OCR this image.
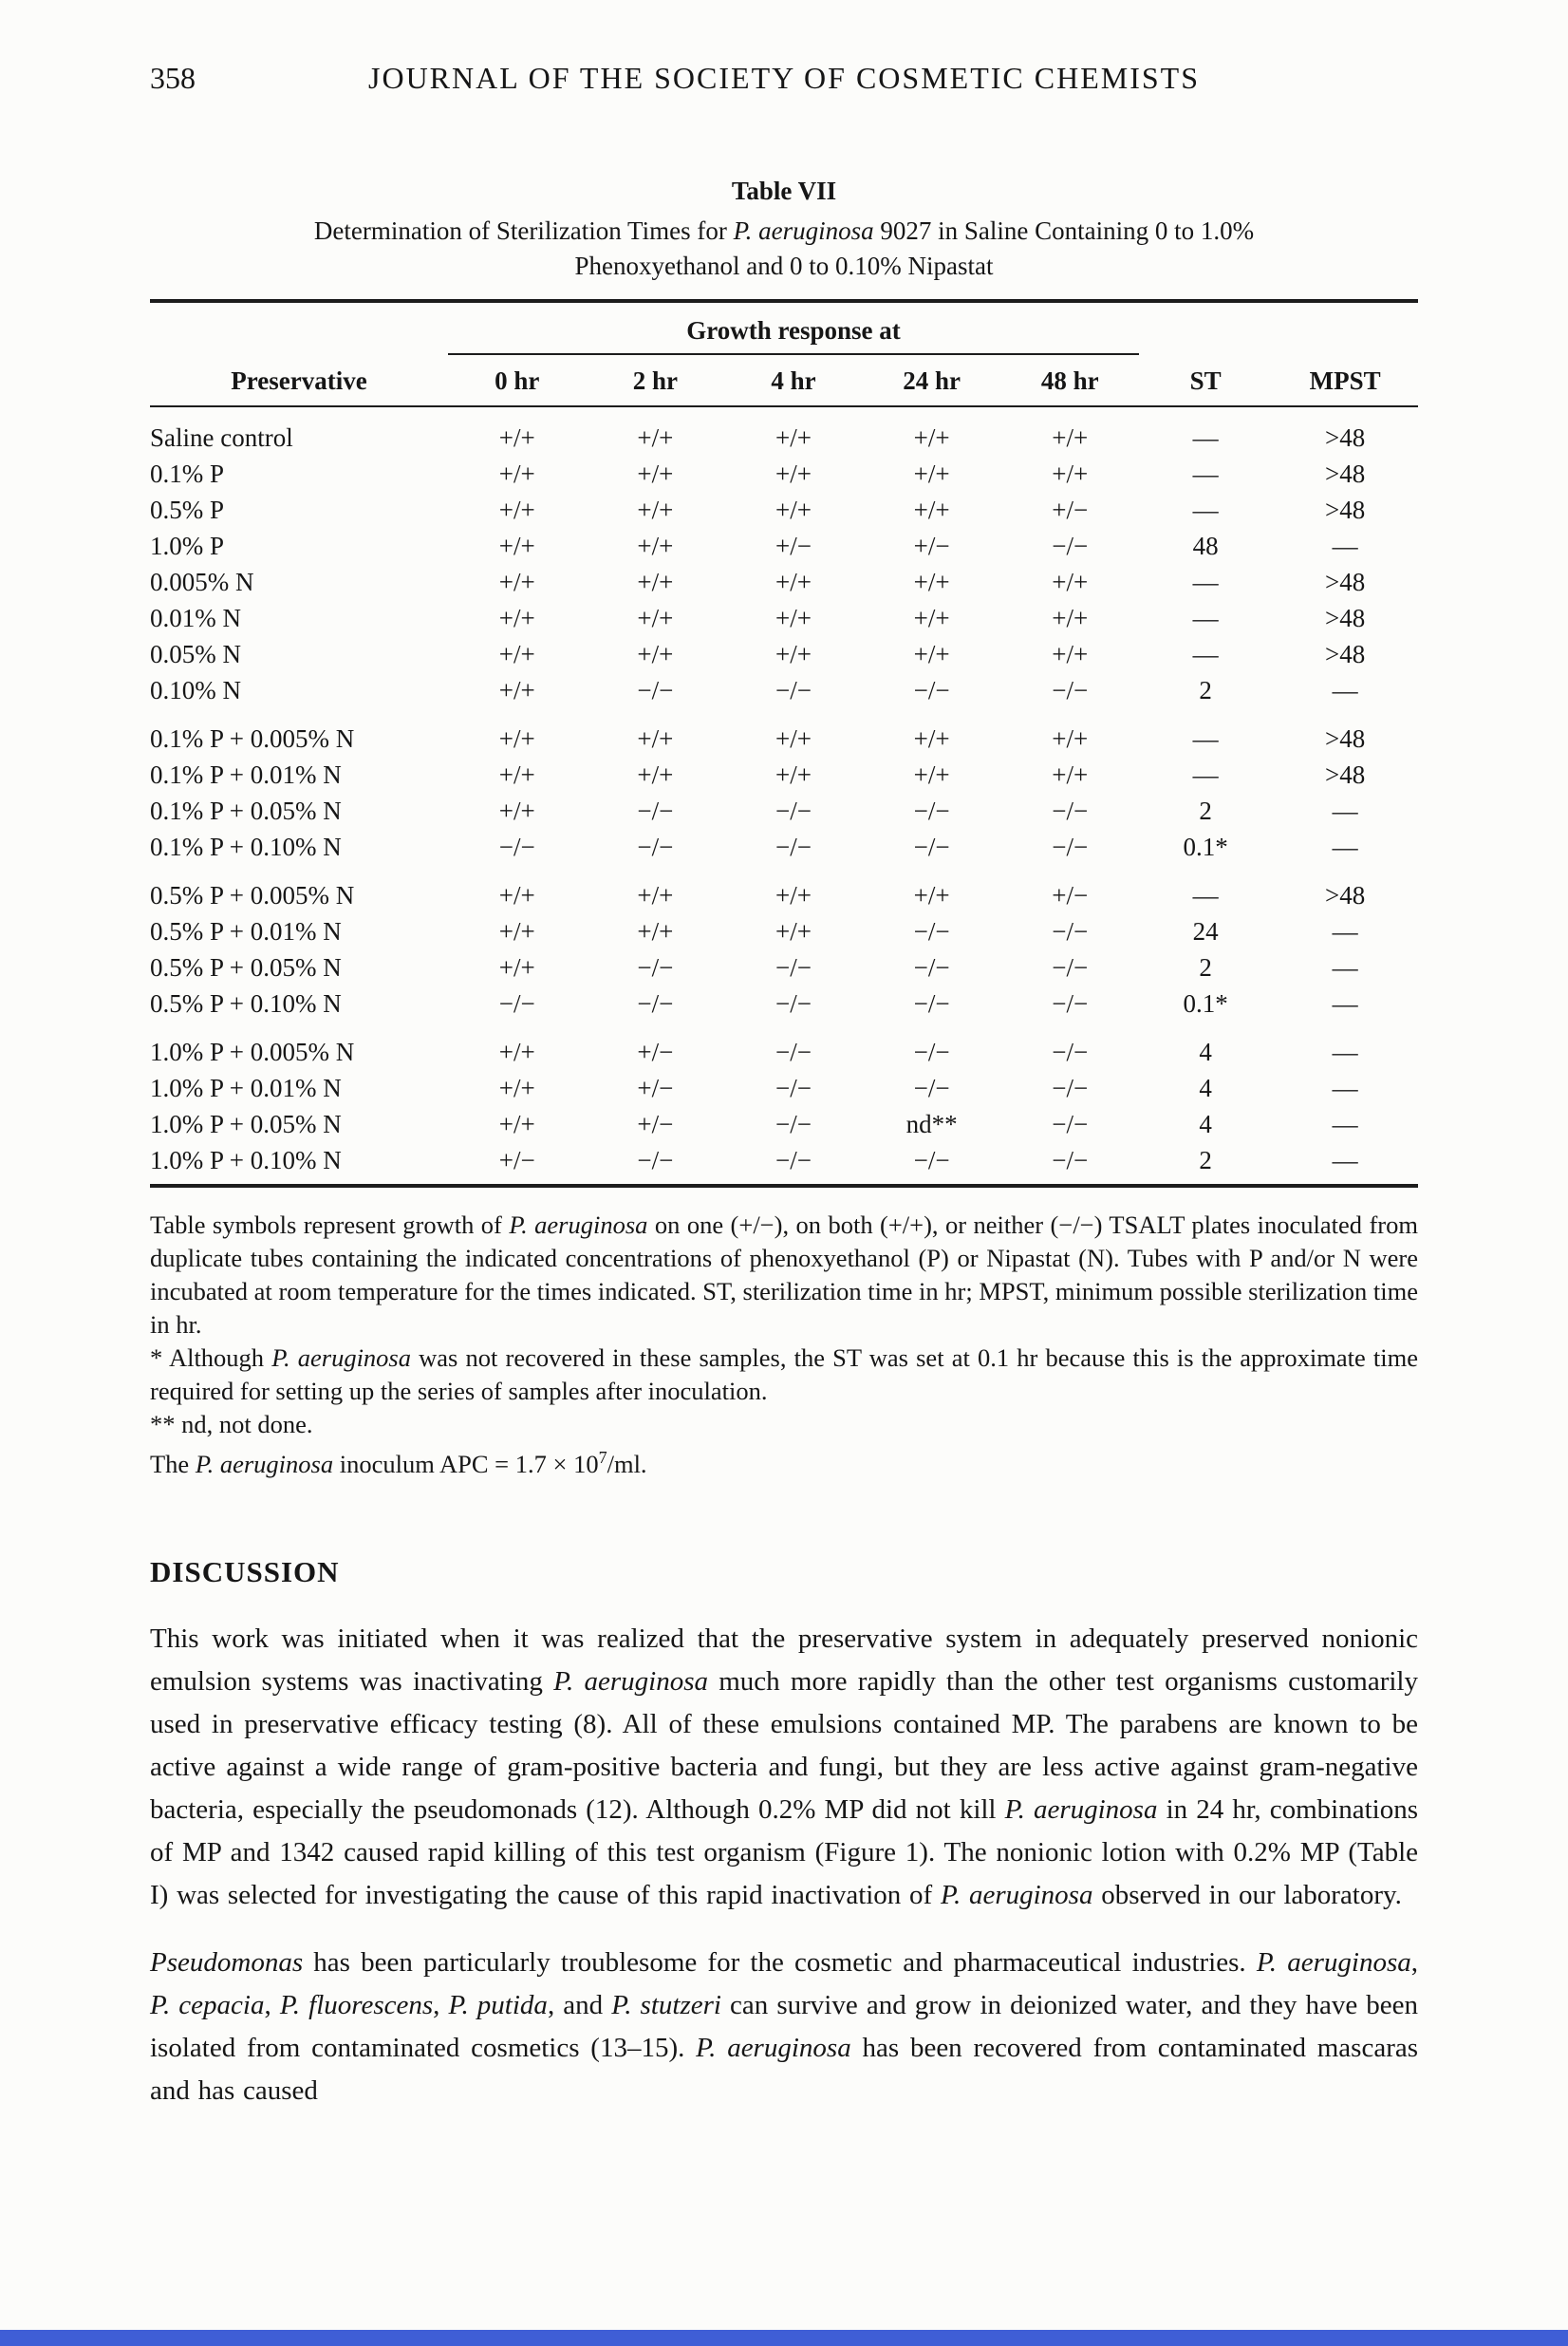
358	JOURNAL OF THE SOCIETY OF COSMETIC CHEMISTS
Table VII
Determination of Sterilization Times for P. aeruginosa 9027 in Saline Containing 0 to 1.0%
Phenoxyethanol and 0 to 0.10% Nipastat
	Growth response at						
Preservative	0 hr	2 hr	4 hr	24 hr	48 hr	ST	MPST
Saline control	+/+	+/+	+/+	+/+	+/+	—	>48
0.1% P	+/+	+/+	+/+	+/+	+/+	—	>48
0.5% P	+/+	+/+	+/+	+/+	+/−	—	>48
1.0% P	+/+	+/+	+/−	+/−	−/−	48	—
0.005% N	+/+	+/+	+/+	+/+	+/+	—	>48
0.01% N	+/+	+/+	+/+	+/+	+/+	—	>48
0.05% N	+/+	+/+	+/+	+/+	+/+	—	>48
0.10% N	+/+	−/−	−/−	−/−	−/−	2	—
0.1% P + 0.005% N	+/+	+/+	+/+	+/+	+/+	—	>48
0.1% P + 0.01% N	+/+	+/+	+/+	+/+	+/+	—	>48
0.1% P + 0.05% N	+/+	−/−	−/−	−/−	−/−	2	—
0.1% P + 0.10% N	−/−	−/−	−/−	−/−	−/−	0.1*	—
0.5% P + 0.005% N	+/+	+/+	+/+	+/+	+/−	—	>48
0.5% P + 0.01% N	+/+	+/+	+/+	−/−	−/−	24	—
0.5% P + 0.05% N	+/+	−/−	−/−	−/−	−/−	2	—
0.5% P + 0.10% N	−/−	−/−	−/−	−/−	−/−	0.1*	—
1.0% P + 0.005% N	+/+	+/−	−/−	−/−	−/−	4	—
1.0% P + 0.01% N	+/+	+/−	−/−	−/−	−/−	4	—
1.0% P + 0.05% N	+/+	+/−	−/−	nd**	−/−	4	—
1.0% P + 0.10% N	+/−	−/−	−/−	−/−	−/−	2	—

Table symbols represent growth of P. aeruginosa on one (+/−), on both (+/+), or neither (−/−) TSALT plates inoculated from duplicate tubes containing the indicated concentrations of phenoxyethanol (P) or Nipastat (N). Tubes with P and/or N were incubated at room temperature for the times indicated. ST, sterilization time in hr; MPST, minimum possible sterilization time in hr.

* Although P. aeruginosa was not recovered in these samples, the ST was set at 0.1 hr because this is the approximate time required for setting up the series of samples after inoculation.

** nd, not done.

The P. aeruginosa inoculum APC = $1.7 \times 10^7/ml$.

DISCUSSION

This work was initiated when it was realized that the preservative system in adequately preserved nonionic emulsion systems was inactivating P. aeruginosa much more rapidly than the other test organisms customarily used in preservative efficacy testing (8). All of these emulsions contained MP. The parabens are known to be active against a wide range of gram-positive bacteria and fungi, but they are less active against gram-negative bacteria, especially the pseudomonads (12). Although 0.2% MP did not kill P. aeruginosa in 24 hr, combinations of MP and 1342 caused rapid killing of this test organism (Figure 1). The nonionic lotion with 0.2% MP (Table I) was selected for investigating the cause of this rapid inactivation of P. aeruginosa observed in our laboratory.

Pseudomonas has been particularly troublesome for the cosmetic and pharmaceutical industries. P. aeruginosa, P. cepacia, P. fluorescens, P. putida, and P. stutzeri can survive and grow in deionized water, and they have been isolated from contaminated cosmetics (13–15). P. aeruginosa has been recovered from contaminated mascaras and has caused
